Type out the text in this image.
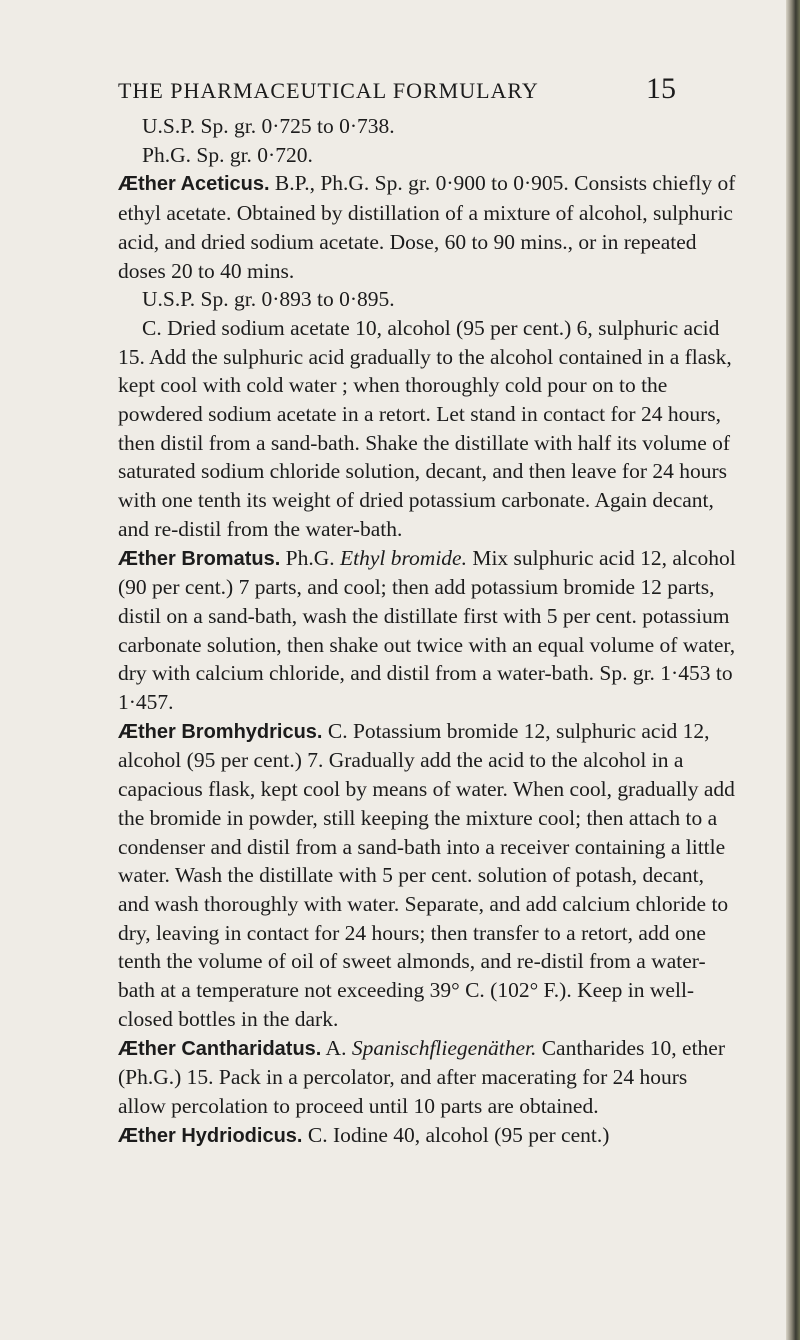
THE PHARMACEUTICAL FORMULARY	15

U.S.P. Sp. gr. 0·725 to 0·738.

Ph.G. Sp. gr. 0·720.

Æther Aceticus. B.P., Ph.G. Sp. gr. 0·900 to 0·905. Consists chiefly of ethyl acetate. Obtained by distillation of a mixture of alcohol, sulphuric acid, and dried sodium acetate. Dose, 60 to 90 mins., or in repeated doses 20 to 40 mins.

U.S.P. Sp. gr. 0·893 to 0·895.

C. Dried sodium acetate 10, alcohol (95 per cent.) 6, sulphuric acid 15. Add the sulphuric acid gradually to the alcohol contained in a flask, kept cool with cold water ; when thoroughly cold pour on to the powdered sodium acetate in a retort. Let stand in contact for 24 hours, then distil from a sand-bath. Shake the distillate with half its volume of saturated sodium chloride solution, decant, and then leave for 24 hours with one tenth its weight of dried potassium carbonate. Again decant, and re-distil from the water-bath.

Æther Bromatus. Ph.G. Ethyl bromide. Mix sulphuric acid 12, alcohol (90 per cent.) 7 parts, and cool; then add potassium bromide 12 parts, distil on a sand-bath, wash the distillate first with 5 per cent. potassium carbonate solution, then shake out twice with an equal volume of water, dry with calcium chloride, and distil from a water-bath. Sp. gr. 1·453 to 1·457.

Æther Bromhydricus. C. Potassium bromide 12, sulphuric acid 12, alcohol (95 per cent.) 7. Gradually add the acid to the alcohol in a capacious flask, kept cool by means of water. When cool, gradually add the bromide in powder, still keeping the mixture cool; then attach to a condenser and distil from a sand-bath into a receiver containing a little water. Wash the distillate with 5 per cent. solution of potash, decant, and wash thoroughly with water. Separate, and add calcium chloride to dry, leaving in contact for 24 hours; then transfer to a retort, add one tenth the volume of oil of sweet almonds, and re-distil from a water-bath at a temperature not exceeding 39° C. (102° F.). Keep in well-closed bottles in the dark.

Æther Cantharidatus. A. Spanischfliegenäther. Cantharides 10, ether (Ph.G.) 15. Pack in a percolator, and after macerating for 24 hours allow percolation to proceed until 10 parts are obtained.

Æther Hydriodicus. C. Iodine 40, alcohol (95 per cent.)
